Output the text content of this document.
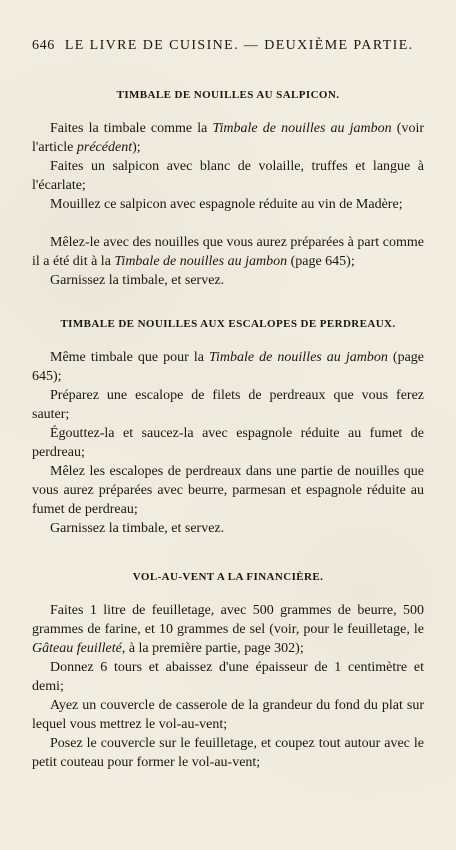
646 LE LIVRE DE CUISINE. — DEUXIÈME PARTIE.
TIMBALE DE NOUILLES AU SALPICON.

Faites la timbale comme la Timbale de nouilles au jambon (voir l'article précédent);

Faites un salpicon avec blanc de volaille, truffes et langue à l'écarlate;

Mouillez ce salpicon avec espagnole réduite au vin de Madère;

Mêlez-le avec des nouilles que vous aurez préparées à part comme il a été dit à la Timbale de nouilles au jambon (page 645);

Garnissez la timbale, et servez.

TIMBALE DE NOUILLES AUX ESCALOPES DE PERDREAUX.

Même timbale que pour la Timbale de nouilles au jambon (page 645);

Préparez une escalope de filets de perdreaux que vous ferez sauter;

Égouttez-la et saucez-la avec espagnole réduite au fumet de perdreau;

Mêlez les escalopes de perdreaux dans une partie de nouilles que vous aurez préparées avec beurre, parmesan et espagnole réduite au fumet de perdreau;

Garnissez la timbale, et servez.

VOL-AU-VENT A LA FINANCIÈRE.

Faites 1 litre de feuilletage, avec 500 grammes de beurre, 500 grammes de farine, et 10 grammes de sel (voir, pour le feuilletage, le Gâteau feuilleté, à la première partie, page 302);

Donnez 6 tours et abaissez d'une épaisseur de 1 centimètre et demi;

Ayez un couvercle de casserole de la grandeur du fond du plat sur lequel vous mettrez le vol-au-vent;

Posez le couvercle sur le feuilletage, et coupez tout autour avec le petit couteau pour former le vol-au-vent;
